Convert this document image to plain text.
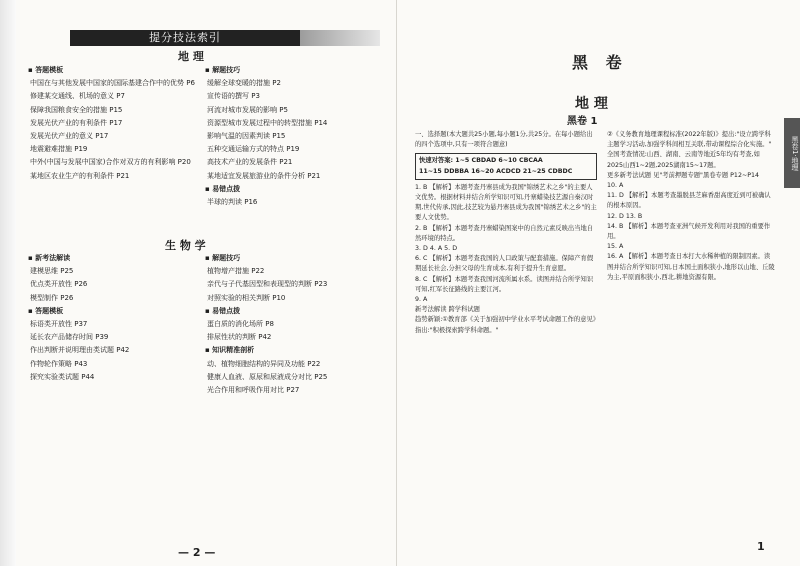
提分技法索引
地 理
▪ 答题模板
中国在与其他发展中国家的国际基建合作中的优势 P6
修建某交通线、机场的意义 P7
保障我国粮食安全的措施 P15
发展光伏产业的有利条件 P17
发展光伏产业的意义 P17
地震避难措施 P19
中外(中国与发展中国家)合作对双方的有利影响 P20
某地区农业生产的有利条件 P21
▪ 解题技巧
缓解全球变暖的措施 P2
宣传语的撰写 P3
河流对城市发展的影响 P5
资源型城市发展过程中的转型措施 P14
影响气温的因素判读 P15
五种交通运输方式的特点 P19
高技术产业的发展条件 P21
某地适宜发展旅游业的条件分析 P21
▪ 易错点拨
半球的判读 P16
生 物 学
▪ 新考法解读
建模思维 P25
优点类开放性 P26
模型制作 P26
▪ 答题模板
标语类开放性 P37
延长农产品储存时间 P39
作出判断并说明理由类试题 P42
作物轮作策略 P43
探究实验类试题 P44
▪ 解题技巧
植物增产措施 P22
亲代与子代基因型和表现型的判断 P23
对照实验的相关判断 P10
▪ 易错点拨
蛋白质的消化场所 P8
排尿性状的判断 P42
▪ 知识精准剖析
动、植物细胞结构的异同及功能 P22
健康人血液、原尿和尿液成分对比 P25
光合作用和呼吸作用对比 P27
— 2 —
黑 卷
地 理
黑卷 1
黑卷1·地理
一、选择题(本大题共25小题,每小题1分,共25分。在每小题给出的四个选项中,只有一项符合题意)
快速对答案: 1~5 CBDAD 6~10 CBCAA
11~15 DDBBA 16~20 ACDCD 21~25 CDBDC
1. B 【解析】本题考查丹寨县成为我国"锦绣艺术之乡"的主要人文优势。根据材料并结合所学知识可知,丹寨蜡染技艺源自秦汉时期,世代传承,因此,技艺较为悬丹寨县成为我国"锦绣艺术之乡"的主要人文优势。
2. B 【解析】本题考查丹寨蜡染图案中的自然元素反映出当地自然环境的特点。
3. D 4. A 5. D
6. C 【解析】本题考查我国的人口政策与配套措施。保障产育假期延长社会,分担父母的生育成本,有利于提升生育意愿。
8. C 【解析】本题考查我国河流所属水系。读图并结合所学知识可知,红军长征路线的主要江河。
9. A
新考法解读 跨学科试题
趋势新颖:①教育部《关于加强初中学业水平考试命题工作的意见》指出:"积极探索跨学科命题。"
②《义务教育地理课程标准(2022年版)》提出:"设立跨学科主题学习活动,加强学科间相互关联,带动课程综合化实施。"
全国考查情况:山西、湖南、云南等地近5年均有考查,如2025山西1~2题,2025湖南15~17题。
更多新考法试题 见"考前押题专题"黑卷专题 P12~P14
10. A
11. D 【解析】本题考查墨脱县芝麻香甜高度近到可被确认的根本原因。
12. D 13. B
14. B 【解析】本题考查亚洲气候开发利用对我国的重要作用。
15. A
16. A 【解析】本题考查日本打大水稀种植的限制因素。读图并结合所学知识可知,日本国土面积狭小,地形以山地、丘陵为主,平原面积狭小,西北,耕地资源有限。
1
